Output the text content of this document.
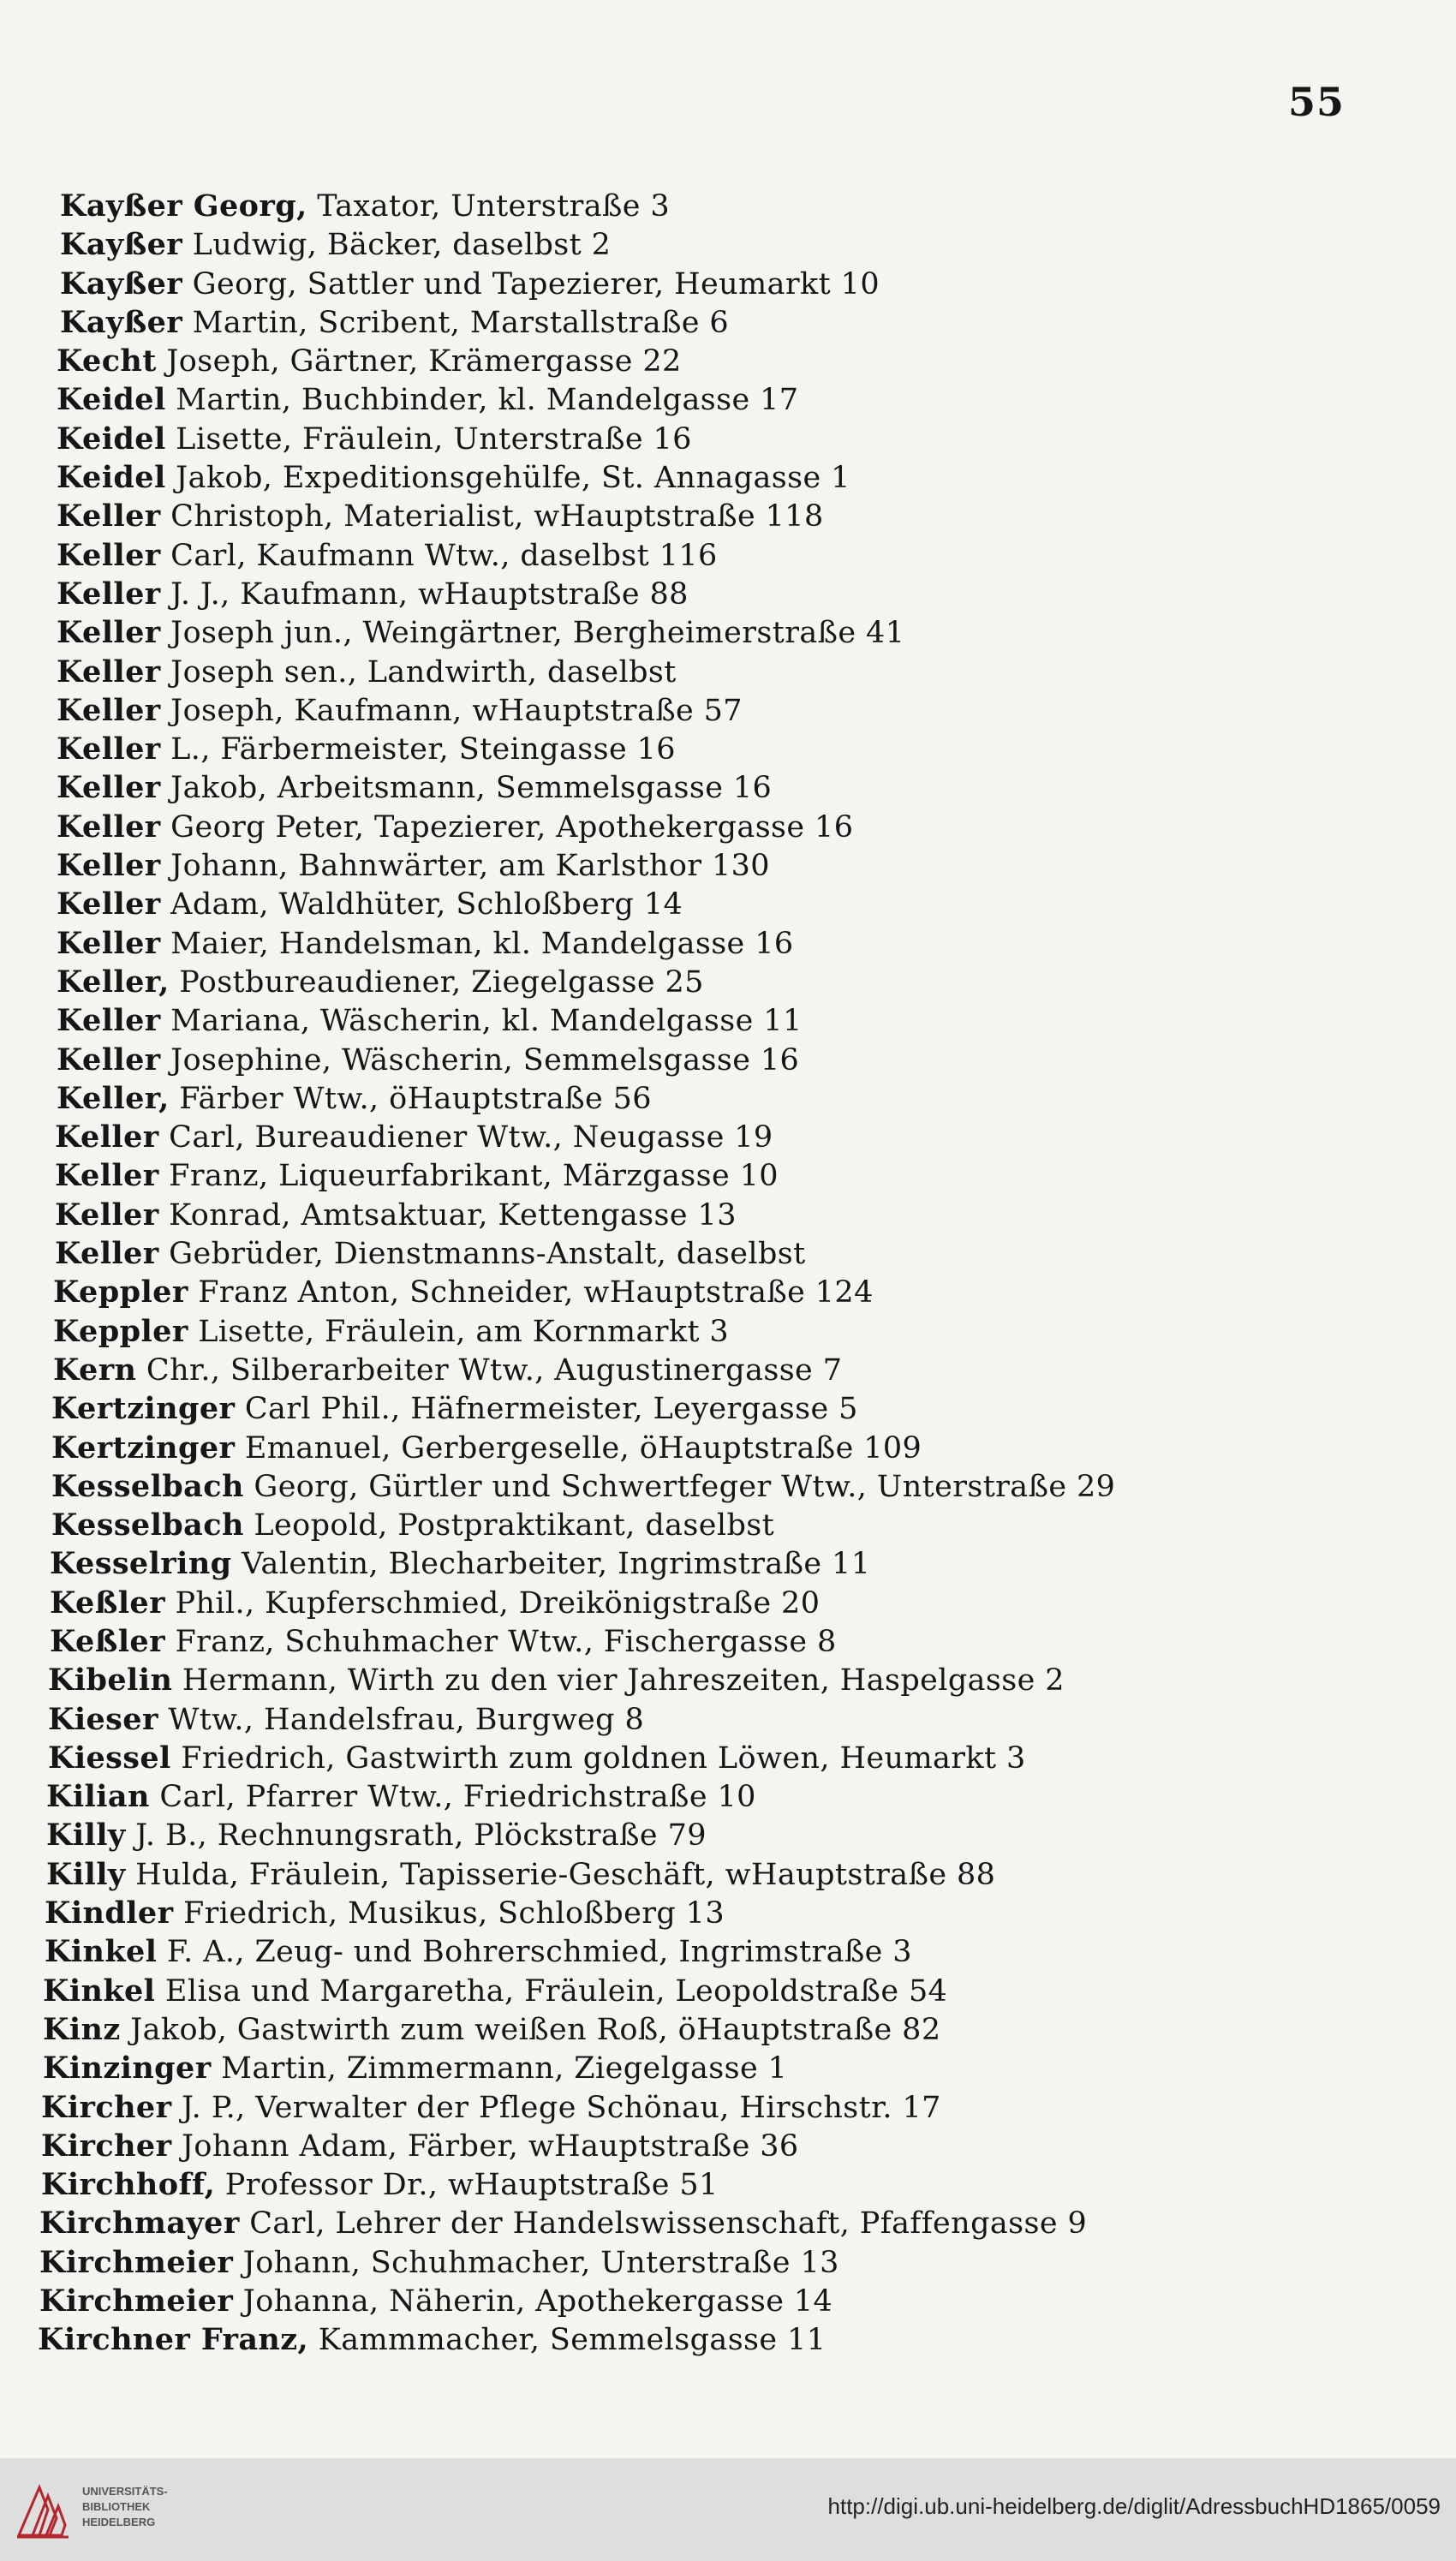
55
Kayßer Georg, Taxator, Unterstraße 3
Kayßer Ludwig, Bäcker, daselbst 2
Kayßer Georg, Sattler und Tapezierer, Heumarkt 10
Kayßer Martin, Scribent, Marstallstraße 6
Kecht Joseph, Gärtner, Krämergasse 22
Keidel Martin, Buchbinder, kl. Mandelgasse 17
Keidel Lisette, Fräulein, Unterstraße 16
Keidel Jakob, Expeditionsgehülfe, St. Annagasse 1
Keller Christoph, Materialist, wHauptstraße 118
Keller Carl, Kaufmann Wtw., daselbst 116
Keller J. J., Kaufmann, wHauptstraße 88
Keller Joseph jun., Weingärtner, Bergheimerstraße 41
Keller Joseph sen., Landwirth, daselbst
Keller Joseph, Kaufmann, wHauptstraße 57
Keller L., Färbermeister, Steingasse 16
Keller Jakob, Arbeitsmann, Semmelsgasse 16
Keller Georg Peter, Tapezierer, Apothekergasse 16
Keller Johann, Bahnwärter, am Karlsthor 130
Keller Adam, Waldhüter, Schloßberg 14
Keller Maier, Handelsman, kl. Mandelgasse 16
Keller, Postbureaudiener, Ziegelgasse 25
Keller Mariana, Wäscherin, kl. Mandelgasse 11
Keller Josephine, Wäscherin, Semmelsgasse 16
Keller, Färber Wtw., öHauptstraße 56
Keller Carl, Bureaudiener Wtw., Neugasse 19
Keller Franz, Liqueurfabrikant, Märzgasse 10
Keller Konrad, Amtsaktuar, Kettengasse 13
Keller Gebrüder, Dienstmanns-Anstalt, daselbst
Keppler Franz Anton, Schneider, wHauptstraße 124
Keppler Lisette, Fräulein, am Kornmarkt 3
Kern Chr., Silberarbeiter Wtw., Augustinergasse 7
Kertzinger Carl Phil., Häfnermeister, Leyergasse 5
Kertzinger Emanuel, Gerbergeselle, öHauptstraße 109
Kesselbach Georg, Gürtler und Schwertfeger Wtw., Unterstraße 29
Kesselbach Leopold, Postpraktikant, daselbst
Kesselring Valentin, Blecharbeiter, Ingrimstraße 11
Keßler Phil., Kupferschmied, Dreikönigstraße 20
Keßler Franz, Schuhmacher Wtw., Fischergasse 8
Kibelin Hermann, Wirth zu den vier Jahreszeiten, Haspelgasse 2
Kieser Wtw., Handelsfrau, Burgweg 8
Kiessel Friedrich, Gastwirth zum goldnen Löwen, Heumarkt 3
Kilian Carl, Pfarrer Wtw., Friedrichstraße 10
Killy J. B., Rechnungsrath, Plöckstraße 79
Killy Hulda, Fräulein, Tapisserie-Geschäft, wHauptstraße 88
Kindler Friedrich, Musikus, Schloßberg 13
Kinkel F. A., Zeug- und Bohrerschmied, Ingrimstraße 3
Kinkel Elisa und Margaretha, Fräulein, Leopoldstraße 54
Kinz Jakob, Gastwirth zum weißen Roß, öHauptstraße 82
Kinzinger Martin, Zimmermann, Ziegelgasse 1
Kircher J. P., Verwalter der Pflege Schönau, Hirschstr. 17
Kircher Johann Adam, Färber, wHauptstraße 36
Kirchhoff, Professor Dr., wHauptstraße 51
Kirchmayer Carl, Lehrer der Handelswissenschaft, Pfaffengasse 9
Kirchmeier Johann, Schuhmacher, Unterstraße 13
Kirchmeier Johanna, Näherin, Apothekergasse 14
Kirchner Franz, Kammmacher, Semmelsgasse 11
UNIVERSITÄTS-
BIBLIOTHEK
HEIDELBERG
http://digi.ub.uni-heidelberg.de/diglit/AdressbuchHD1865/0059
